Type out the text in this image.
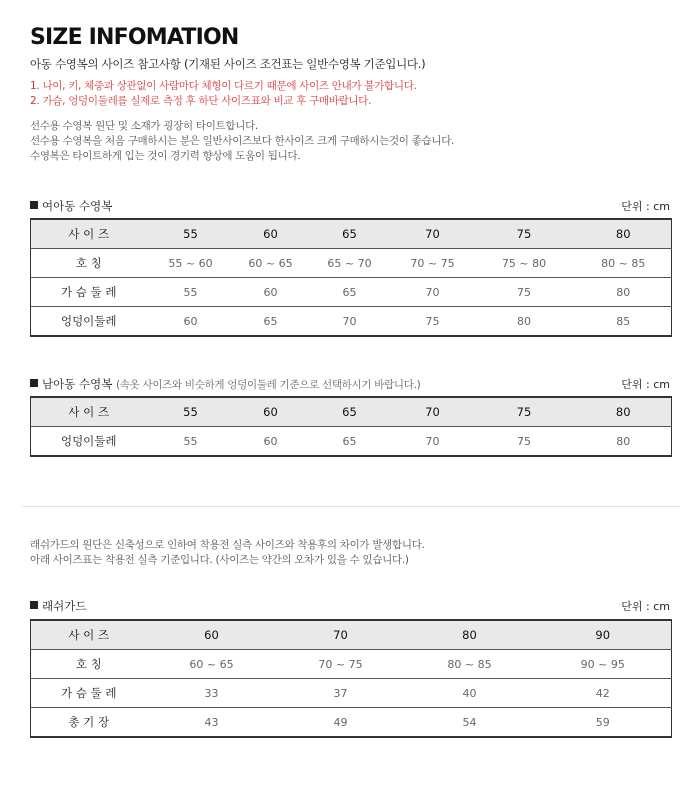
SIZE INFOMATION
아동 수영복의 사이즈 참고사항 (기재된 사이즈 조건표는 일반수영복 기준입니다.)
1. 나이, 키, 체중과 상관없이 사람마다 체형이 다르기 때문에 사이즈 안내가 불가합니다.
2. 가슴, 엉덩이둘레를 실제로 측정 후 하단 사이즈표와 비교 후 구매바랍니다.
선수용 수영복 원단 및 소재가 굉장히 타이트합니다.
선수용 수영복을 처음 구매하시는 분은 일반사이즈보다 한사이즈 크게 구매하시는것이 좋습니다.
수영복은 타이트하게 입는 것이 경기력 향상에 도움이 됩니다.
여아동 수영복	단위 : cm
사 이 즈	55	60	65	70	75	80
호 칭	55 ~ 60	60 ~ 65	65 ~ 70	70 ~ 75	75 ~ 80	80 ~ 85
가 슴 둘 레	55	60	65	70	75	80
엉덩이둘레	60	65	70	75	80	85
남아동 수영복 (속옷 사이즈와 비슷하게 엉덩이둘레 기준으로 선택하시기 바랍니다.)	단위 : cm
사 이 즈	55	60	65	70	75	80
엉덩이둘레	55	60	65	70	75	80
래쉬가드의 원단은 신축성으로 인하여 착용전 실측 사이즈와 착용후의 차이가 발생합니다.
아래 사이즈표는 착용전 실측 기준입니다. (사이즈는 약간의 오차가 있을 수 있습니다.)
래쉬가드	단위 : cm
사 이 즈	60	70	80	90
호 칭	60 ~ 65	70 ~ 75	80 ~ 85	90 ~ 95
가 슴 둘 레	33	37	40	42
총 기 장	43	49	54	59
